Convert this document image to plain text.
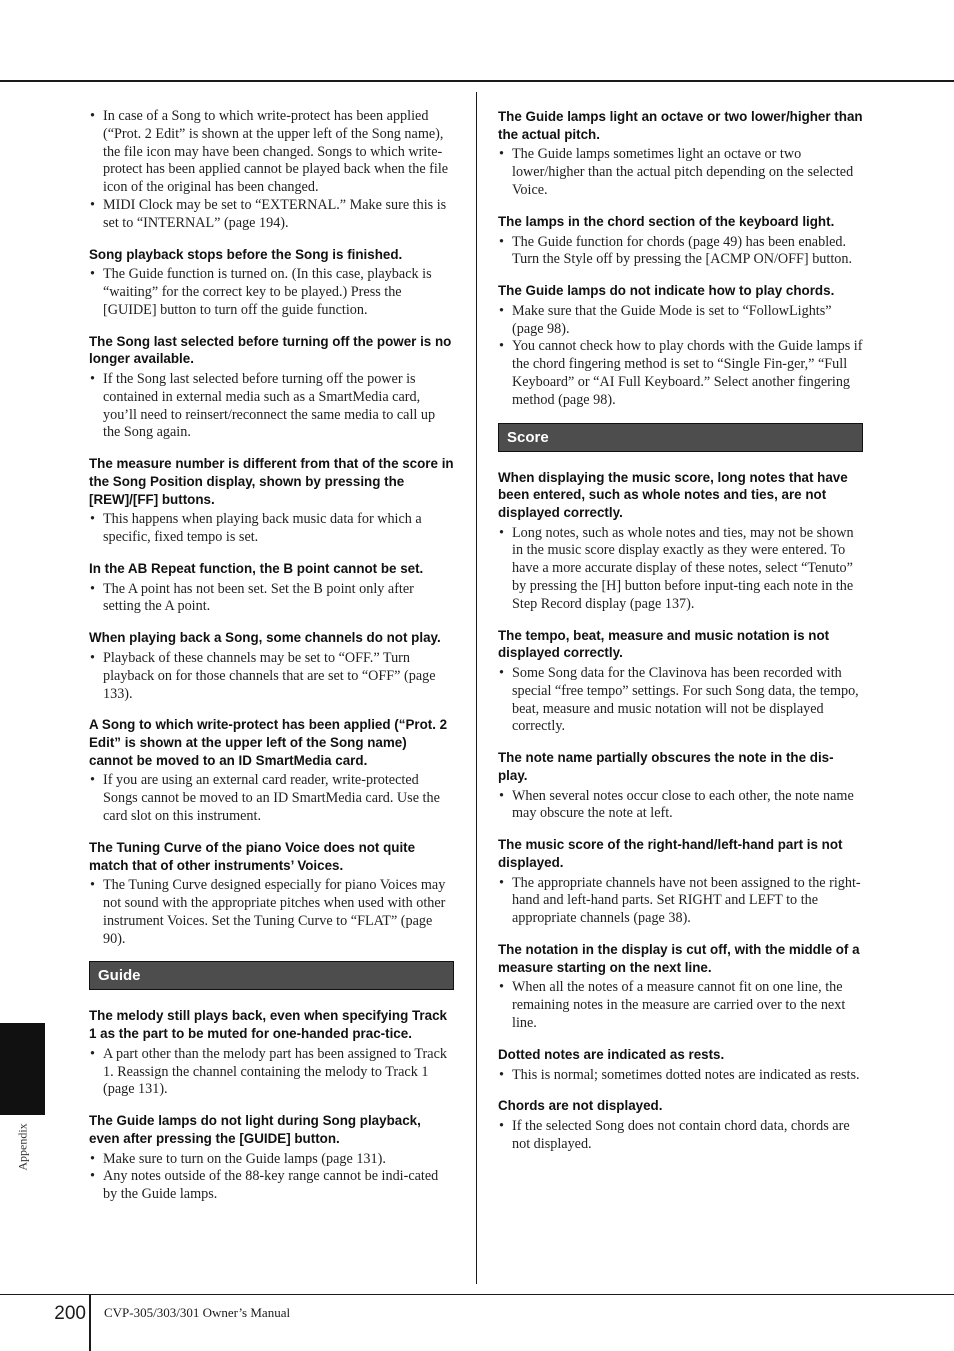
• In case of a Song to which write-protect has been applied (“Prot. 2 Edit” is shown at the upper left of the Song name), the file icon may have been changed. Songs to which write-protect has been applied cannot be played back when the file icon of the original has been changed.
• MIDI Clock may be set to “EXTERNAL.” Make sure this is set to “INTERNAL” (page 194).
Song playback stops before the Song is finished.
• The Guide function is turned on. (In this case, playback is “waiting” for the correct key to be played.) Press the [GUIDE] button to turn off the guide function.
The Song last selected before turning off the power is no longer available.
• If the Song last selected before turning off the power is contained in external media such as a SmartMedia card, you’ll need to reinsert/reconnect the same media to call up the Song again.
The measure number is different from that of the score in the Song Position display, shown by pressing the [REW]/[FF] buttons.
• This happens when playing back music data for which a specific, fixed tempo is set.
In the AB Repeat function, the B point cannot be set.
• The A point has not been set. Set the B point only after setting the A point.
When playing back a Song, some channels do not play.
• Playback of these channels may be set to “OFF.” Turn playback on for those channels that are set to “OFF” (page 133).
A Song to which write-protect has been applied (“Prot. 2 Edit” is shown at the upper left of the Song name) cannot be moved to an ID SmartMedia card.
• If you are using an external card reader, write-protected Songs cannot be moved to an ID SmartMedia card. Use the card slot on this instrument.
The Tuning Curve of the piano Voice does not quite match that of other instruments’ Voices.
• The Tuning Curve designed especially for piano Voices may not sound with the appropriate pitches when used with other instrument Voices. Set the Tuning Curve to “FLAT” (page 90).
Guide
The melody still plays back, even when specifying Track 1 as the part to be muted for one-handed prac-tice.
• A part other than the melody part has been assigned to Track 1. Reassign the channel containing the melody to Track 1 (page 131).
The Guide lamps do not light during Song playback, even after pressing the [GUIDE] button.
• Make sure to turn on the Guide lamps (page 131).
• Any notes outside of the 88-key range cannot be indi-cated by the Guide lamps.
The Guide lamps light an octave or two lower/higher than the actual pitch.
• The Guide lamps sometimes light an octave or two lower/higher than the actual pitch depending on the selected Voice.
The lamps in the chord section of the keyboard light.
• The Guide function for chords (page 49) has been enabled. Turn the Style off by pressing the [ACMP ON/OFF] button.
The Guide lamps do not indicate how to play chords.
• Make sure that the Guide Mode is set to “FollowLights” (page 98).
• You cannot check how to play chords with the Guide lamps if the chord fingering method is set to “Single Fin-ger,” “Full Keyboard” or “AI Full Keyboard.” Select another fingering method (page 98).
Score
When displaying the music score, long notes that have been entered, such as whole notes and ties, are not displayed correctly.
• Long notes, such as whole notes and ties, may not be shown in the music score display exactly as they were entered. To have a more accurate display of these notes, select “Tenuto” by pressing the [H] button before input-ting each note in the Step Record display (page 137).
The tempo, beat, measure and music notation is not displayed correctly.
• Some Song data for the Clavinova has been recorded with special “free tempo” settings. For such Song data, the tempo, beat, measure and music notation will not be displayed correctly.
The note name partially obscures the note in the dis-play.
• When several notes occur close to each other, the note name may obscure the note at left.
The music score of the right-hand/left-hand part is not displayed.
• The appropriate channels have not been assigned to the right-hand and left-hand parts. Set RIGHT and LEFT to the appropriate channels (page 38).
The notation in the display is cut off, with the middle of a measure starting on the next line.
• When all the notes of a measure cannot fit on one line, the remaining notes in the measure are carried over to the next line.
Dotted notes are indicated as rests.
• This is normal; sometimes dotted notes are indicated as rests.
Chords are not displayed.
• If the selected Song does not contain chord data, chords are not displayed.
Appendix
200 CVP-305/303/301 Owner’s Manual
